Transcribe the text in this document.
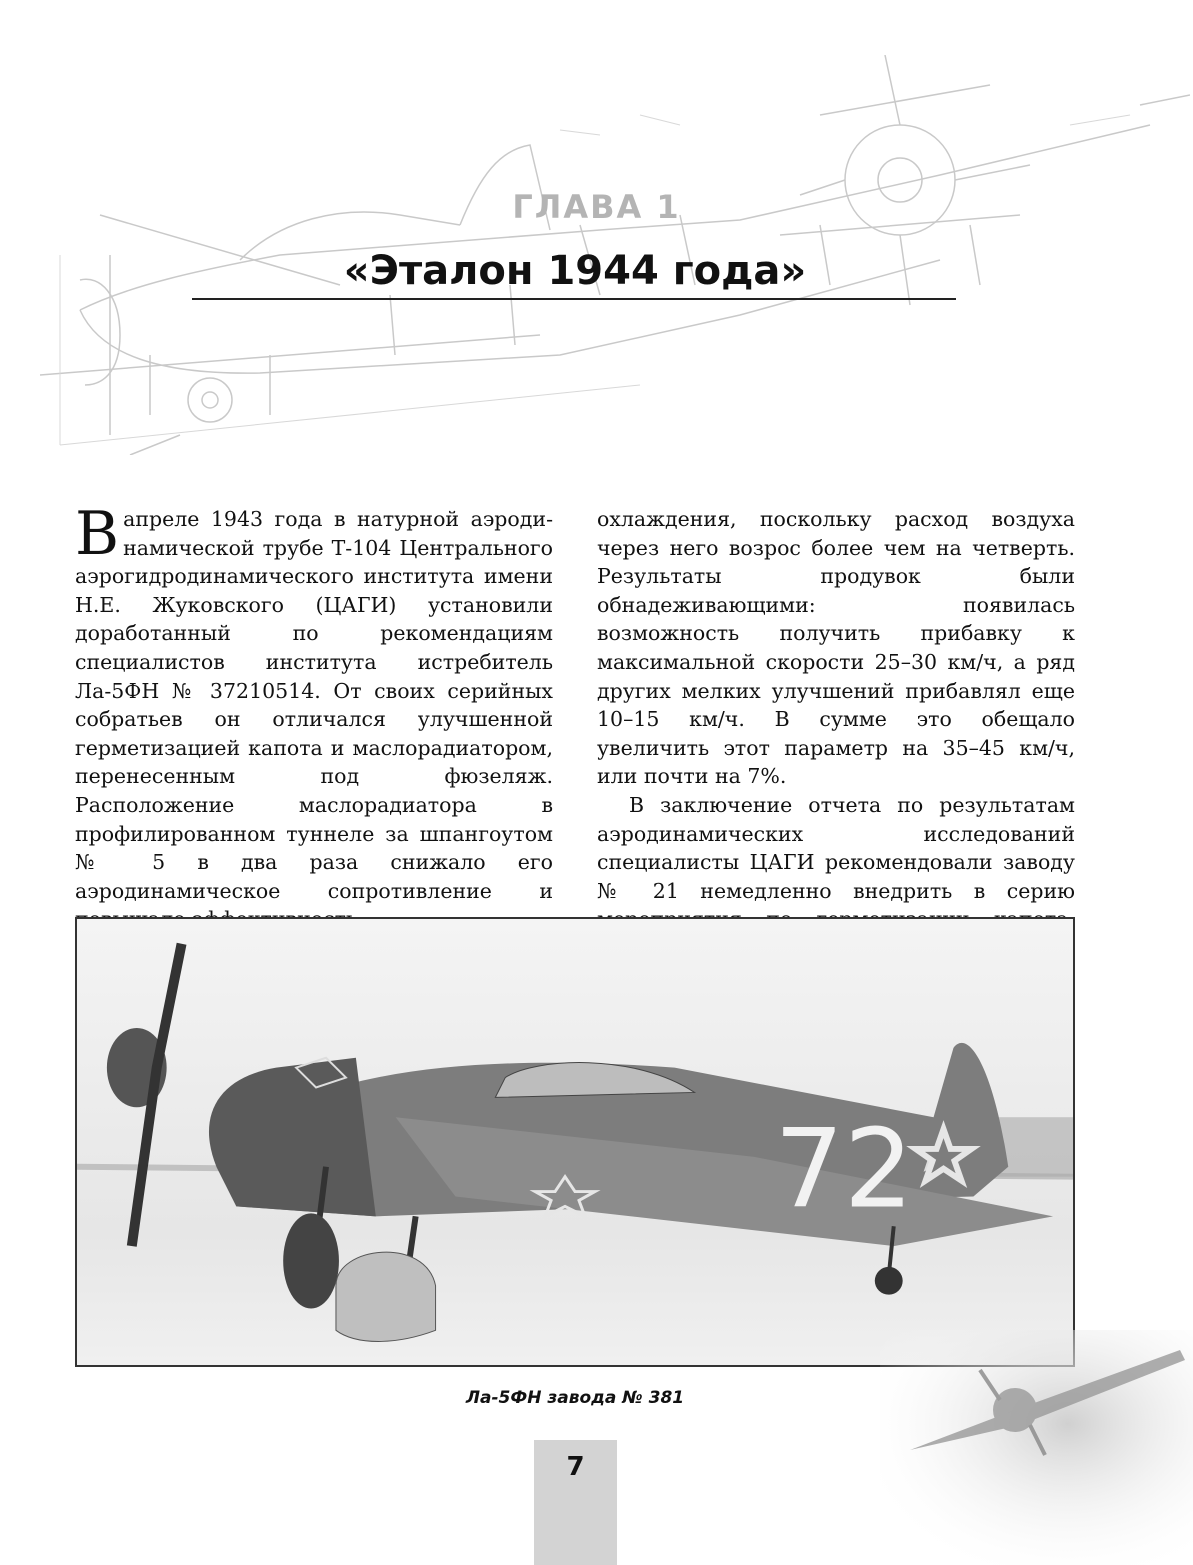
ГЛАВА 1
«Эталон 1944 года»
В апреле 1943 года в натурной аэродинамической трубе Т-104 Центрального аэрогидродинамического института имени Н.Е. Жуковского (ЦАГИ) установили доработанный по рекомендациям специалистов института истребитель Ла-5ФН № 37210514. От своих серийных собратьев он отличался улучшенной герметизацией капота и маслорадиатором, перенесенным под фюзеляж. Расположение маслорадиатора в профилированном туннеле за шпангоутом № 5 в два раза снижало его аэродинамическое сопротивление и

охлаждения, поскольку расход воздуха через него возрос более чем на четверть. Результаты продувок были обнадеживающими: появилась возможность получить прибавку к максимальной скорости 25–30 км/ч, а ряд других мелких улучшений прибавлял еще 10–15 км/ч. В сумме это обещало увеличить этот параметр на 35–45 км/ч, или почти на 7%.

В заключение отчета по результатам аэродинамических исследований специалисты ЦАГИ рекомендовали заводу № 21 немедленно внедрить в серию

72
Ла-5ФН завода № 381
7
